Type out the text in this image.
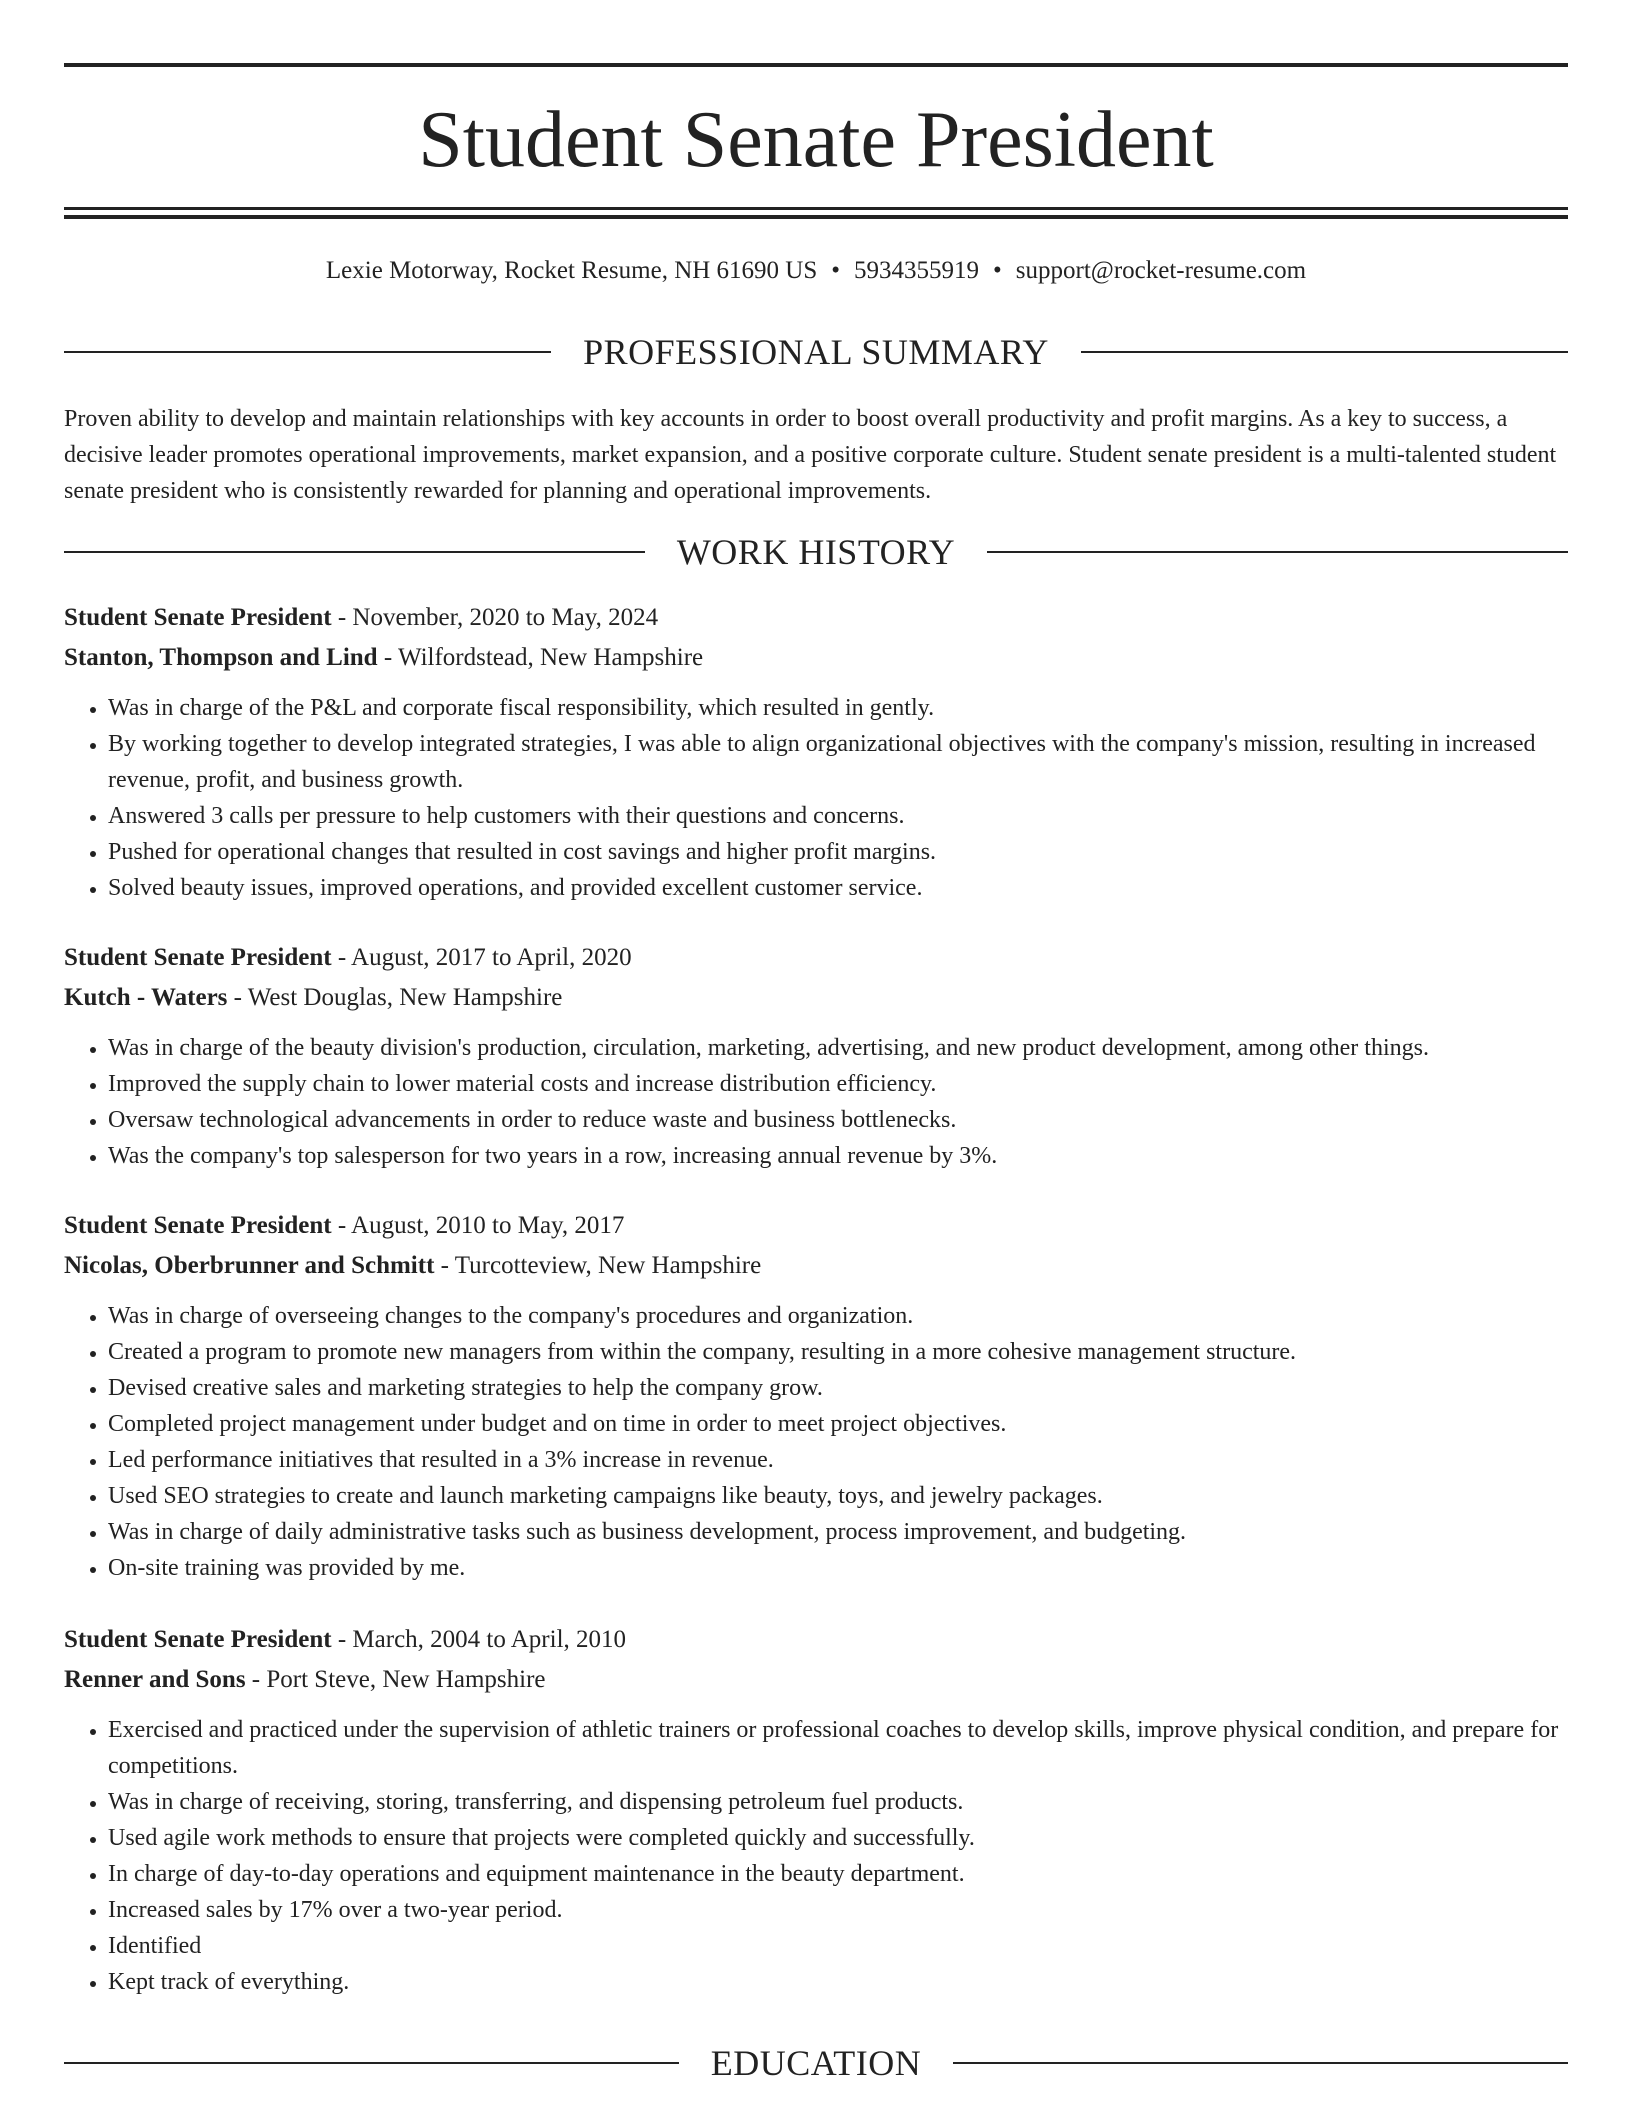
Student Senate President
Lexie Motorway, Rocket Resume, NH 61690 US • 5934355919 • support@rocket-resume.com
PROFESSIONAL SUMMARY

Proven ability to develop and maintain relationships with key accounts in order to boost overall productivity and profit margins. As a key to success, a decisive leader promotes operational improvements, market expansion, and a positive corporate culture. Student senate president is a multi-talented student senate president who is consistently rewarded for planning and operational improvements.

WORK HISTORY
Student Senate President - November, 2020 to May, 2024
Stanton, Thompson and Lind - Wilfordstead, New Hampshire
• Was in charge of the P&L and corporate fiscal responsibility, which resulted in gently.
• By working together to develop integrated strategies, I was able to align organizational objectives with the company's mission, resulting in increased revenue, profit, and business growth.
• Answered 3 calls per pressure to help customers with their questions and concerns.
• Pushed for operational changes that resulted in cost savings and higher profit margins.
• Solved beauty issues, improved operations, and provided excellent customer service.
Student Senate President - August, 2017 to April, 2020
Kutch - Waters - West Douglas, New Hampshire
• Was in charge of the beauty division's production, circulation, marketing, advertising, and new product development, among other things.
• Improved the supply chain to lower material costs and increase distribution efficiency.
• Oversaw technological advancements in order to reduce waste and business bottlenecks.
• Was the company's top salesperson for two years in a row, increasing annual revenue by 3%.
Student Senate President - August, 2010 to May, 2017
Nicolas, Oberbrunner and Schmitt - Turcotteview, New Hampshire
• Was in charge of overseeing changes to the company's procedures and organization.
• Created a program to promote new managers from within the company, resulting in a more cohesive management structure.
• Devised creative sales and marketing strategies to help the company grow.
• Completed project management under budget and on time in order to meet project objectives.
• Led performance initiatives that resulted in a 3% increase in revenue.
• Used SEO strategies to create and launch marketing campaigns like beauty, toys, and jewelry packages.
• Was in charge of daily administrative tasks such as business development, process improvement, and budgeting.
• On-site training was provided by me.
Student Senate President - March, 2004 to April, 2010
Renner and Sons - Port Steve, New Hampshire
• Exercised and practiced under the supervision of athletic trainers or professional coaches to develop skills, improve physical condition, and prepare for competitions.
• Was in charge of receiving, storing, transferring, and dispensing petroleum fuel products.
• Used agile work methods to ensure that projects were completed quickly and successfully.
• In charge of day-to-day operations and equipment maintenance in the beauty department.
• Increased sales by 17% over a two-year period.
• Identified
• Kept track of everything.
EDUCATION
